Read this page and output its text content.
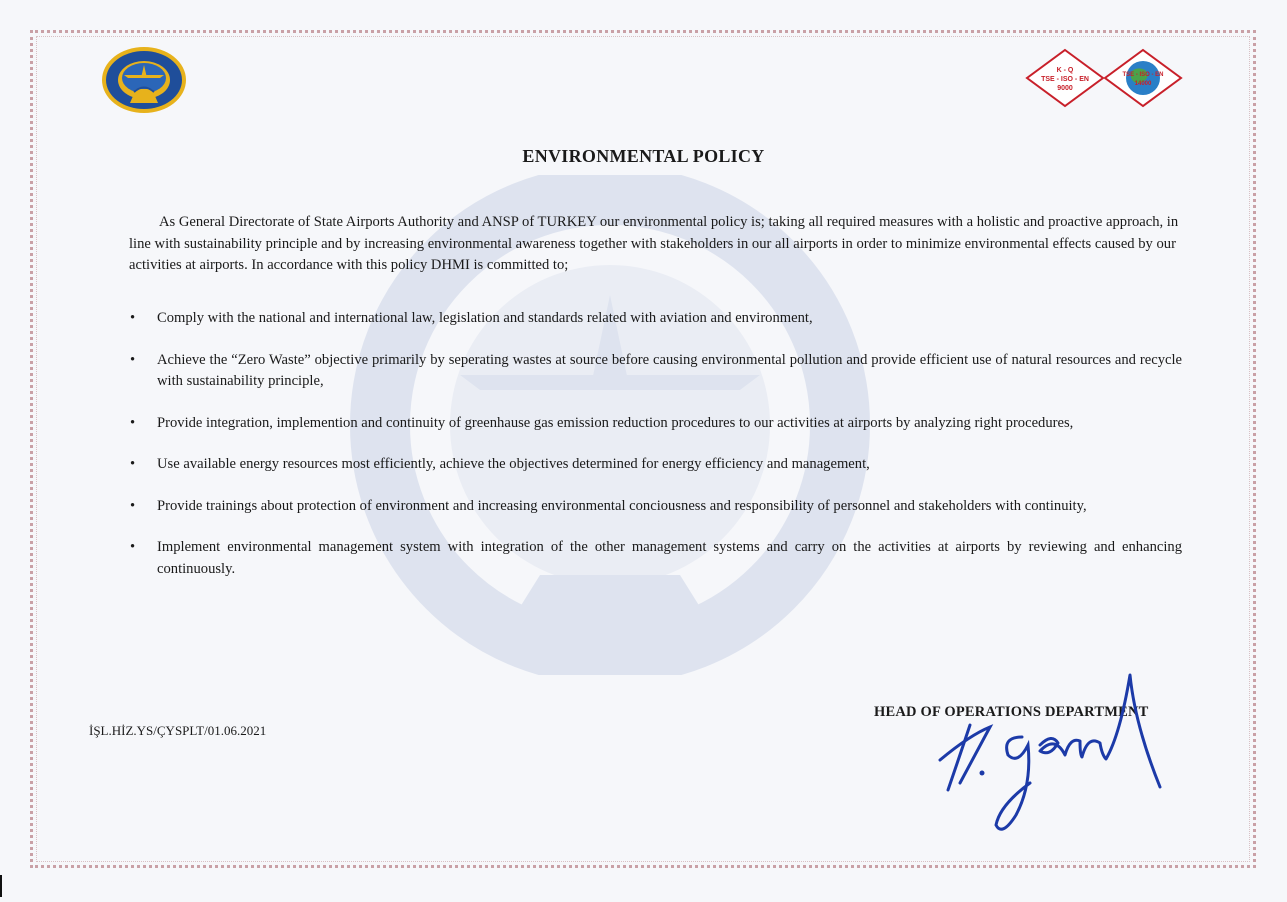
K - Q
TSE - ISO - EN
9000
TSE - ISO - EN
14000
ENVIRONMENTAL POLICY

As General Directorate of State Airports Authority and ANSP of TURKEY our environmental policy is; taking all required measures with a holistic and proactive approach, in line with sustainability principle and by increasing environmental awareness together with stakeholders in our all airports in order to minimize environmental effects caused by our activities at airports. In accordance with this policy DHMI is committed to;

• Comply with the national and international law, legislation and standards related with aviation and environment,
• Achieve the “Zero Waste” objective primarily by seperating wastes at source before causing environmental pollution and provide efficient use of natural resources and recycle with sustainability principle,
• Provide integration, implemention and continuity of greenhause gas emission reduction procedures to our activities at airports by analyzing right procedures,
• Use available energy resources most efficiently, achieve the objectives determined for energy efficiency and management,
• Provide trainings about protection of environment and increasing environmental conciousness and responsibility of personnel and stakeholders with continuity,
• Implement environmental management system with integration of the other management systems and carry on the activities at airports by reviewing and enhancing continuously.
İŞL.HİZ.YS/ÇYSPLT/01.06.2021
HEAD OF OPERATIONS DEPARTMENT
